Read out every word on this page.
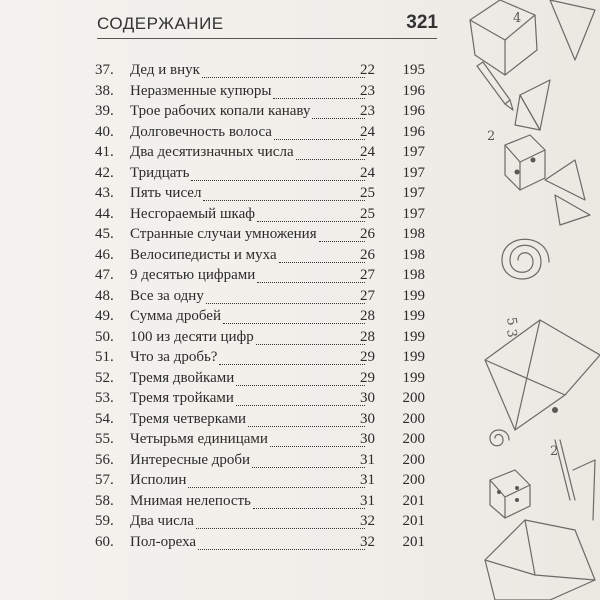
СОДЕРЖАНИЕ	321
37.	Дед и внук	22	195
38.	Неразменные купюры	23	196
39.	Трое рабочих копали канаву	23	196
40.	Долговечность волоса	24	196
41.	Два десятизначных числа	24	197
42.	Тридцать	24	197
43.	Пять чисел	25	197
44.	Несгораемый шкаф	25	197
45.	Странные случаи умножения	26	198
46.	Велосипедисты и муха	26	198
47.	9 десятью цифрами	27	198
48.	Все за одну	27	199
49.	Сумма дробей	28	199
50.	100 из десяти цифр	28	199
51.	Что за дробь?	29	199
52.	Тремя двойками	29	199
53.	Тремя тройками	30	200
54.	Тремя четверками	30	200
55.	Четырьмя единицами	30	200
56.	Интересные дроби	31	200
57.	Исполин	31	200
58.	Мнимая нелепость	31	201
59.	Два числа	32	201
60.	Пол-ореха	32	201
4
2
3
5
2
